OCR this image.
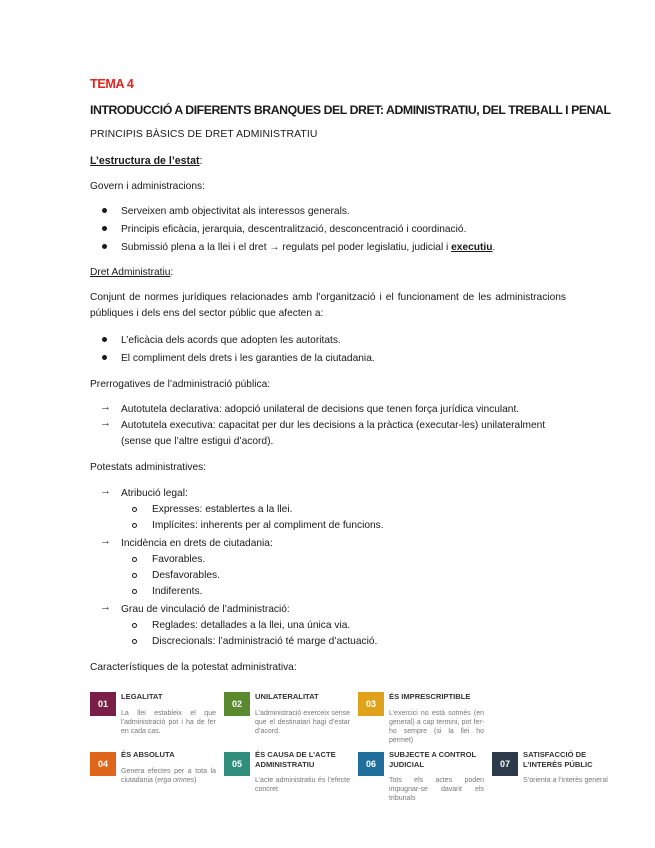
TEMA 4
INTRODUCCIÓ A DIFERENTS BRANQUES DEL DRET: ADMINISTRATIU, DEL TREBALL I PENAL
PRINCIPIS BÀSICS DE DRET ADMINISTRATIU
L’estructura de l’estat:
Govern i administracions:
Serveixen amb objectivitat als interessos generals.
Principis eficàcia, jerarquia, descentralització, desconcentració i coordinació.
Submissió plena a la llei i el dret → regulats pel poder legislatiu, judicial i executiu.
Dret Administratiu:
Conjunt de normes jurídiques relacionades amb l’organització i el funcionament de les administracions públiques i dels ens del sector públic que afecten a:
L’eficàcia dels acords que adopten les autoritats.
El compliment dels drets i les garanties de la ciutadania.
Prerrogatives de l’administració pública:
→ Autotutela declarativa: adopció unilateral de decisions que tenen força jurídica vinculant.
→ Autotutela executiva: capacitat per dur les decisions a la pràctica (executar-les) unilateralment
(sense que l’altre estigui d’acord).
Potestats administratives:
→ Atribució legal:
Expresses: establertes a la llei.
Implícites: inherents per al compliment de funcions.
→ Incidència en drets de ciutadania:
Favorables.
Desfavorables.
Indiferents.
→ Grau de vinculació de l’administració:
Reglades: detallades a la llei, una única via.
Discrecionals: l’administració té marge d’actuació.
Característiques de la potestat administrativa:
01
LEGALITAT
La llei estableix el que l’administració pot i ha de fer en cada cas.
02
UNILATERALITAT
L’administració exerceix sense que el destinatari hagi d’estar d’acord.
03
ÉS IMPRESCRIPTIBLE
L’exercici no està sotmès (en general) a cap termini, pot fer-ho sempre (si la llei ho permet)
04
ÉS ABSOLUTA
Genera efectes per a tota la ciutadania (erga omnes)
05
ÉS CAUSA DE L’ACTE ADMINISTRATIU
L’acte administratiu és l’efecte concret
06
SUBJECTE A CONTROL JUDICIAL
Tots els actes poden impugnar-se davant els tribunals
07
SATISFACCIÓ DE L’INTERÈS PÚBLIC
S’orienta a l’interès general
